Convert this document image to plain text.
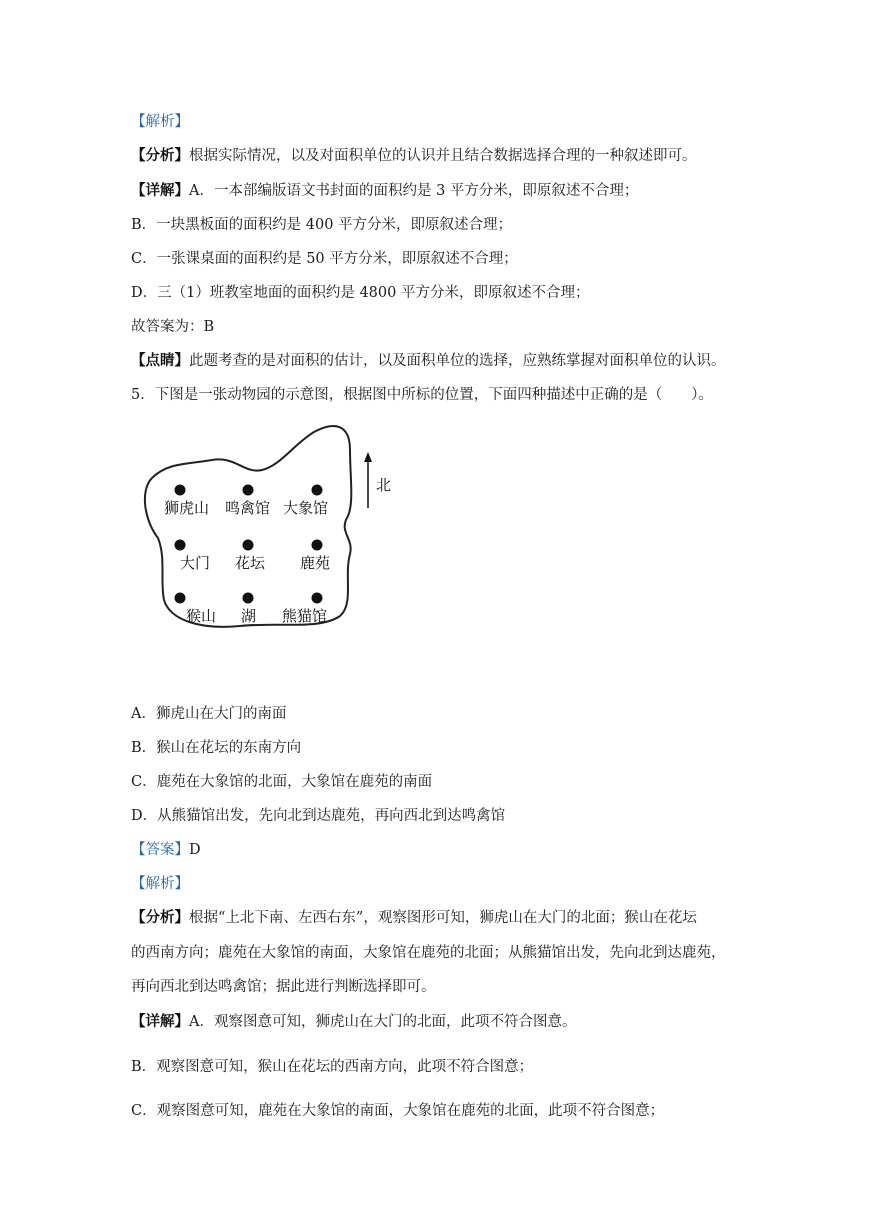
【解析】
【分析】根据实际情况，以及对面积单位的认识并且结合数据选择合理的一种叙述即可。
【详解】A．一本部编版语文书封面的面积约是 3 平方分米，即原叙述不合理；
B．一块黑板面的面积约是 400 平方分米，即原叙述合理；
C．一张课桌面的面积约是 50 平方分米，即原叙述不合理；
D．三（1）班教室地面的面积约是 4800 平方分米，即原叙述不合理；
故答案为：B
【点睛】此题考查的是对面积的估计，以及面积单位的选择，应熟练掌握对面积单位的认识。
5．下图是一张动物园的示意图，根据图中所标的位置，下面四种描述中正确的是（　　）。
北
狮虎山 鸣禽馆 大象馆
大门 花坛 鹿苑
猴山 湖 熊猫馆
A．狮虎山在大门的南面
B．猴山在花坛的东南方向
C．鹿苑在大象馆的北面，大象馆在鹿苑的南面
D．从熊猫馆出发，先向北到达鹿苑，再向西北到达鸣禽馆
【答案】D
【解析】
【分析】根据“上北下南、左西右东”，观察图形可知，狮虎山在大门的北面；猴山在花坛
的西南方向；鹿苑在大象馆的南面，大象馆在鹿苑的北面；从熊猫馆出发，先向北到达鹿苑，
再向西北到达鸣禽馆；据此进行判断选择即可。
【详解】A．观察图意可知，狮虎山在大门的北面，此项不符合图意。
B．观察图意可知，猴山在花坛的西南方向，此项不符合图意；
C．观察图意可知，鹿苑在大象馆的南面，大象馆在鹿苑的北面，此项不符合图意；
